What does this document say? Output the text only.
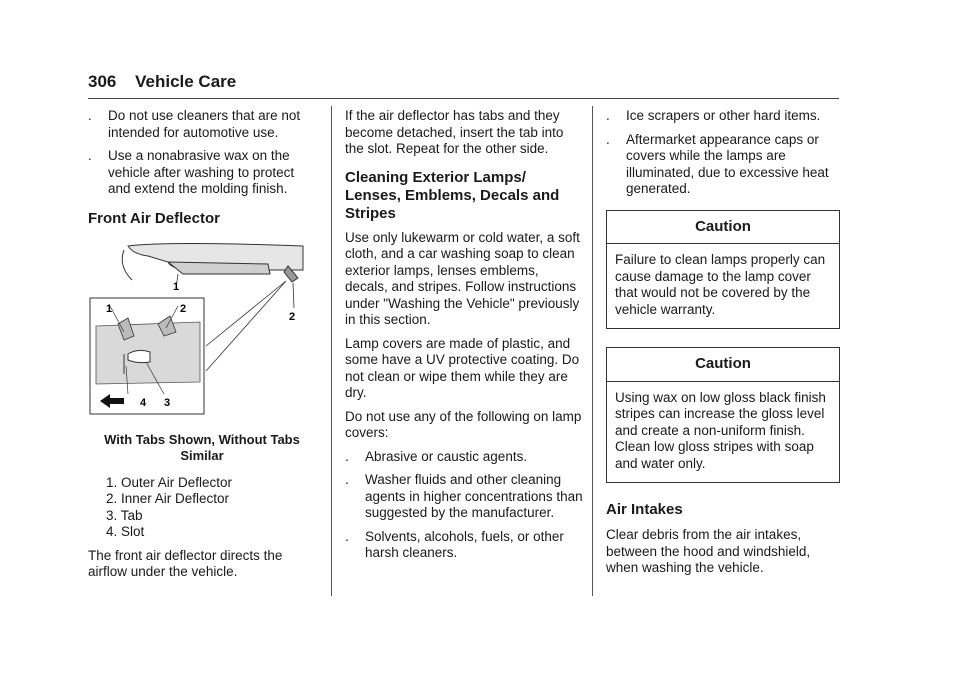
306 Vehicle Care
. Do not use cleaners that are not intended for automotive use.
. Use a nonabrasive wax on the vehicle after washing to protect and extend the molding finish.
Front Air Deflector
1
2
1	2
4 3
With Tabs Shown, Without Tabs Similar
1. Outer Air Deflector
2. Inner Air Deflector
3. Tab
4. Slot

The front air deflector directs the airflow under the vehicle.

If the air deflector has tabs and they become detached, insert the tab into the slot. Repeat for the other side.

Cleaning Exterior Lamps/ Lenses, Emblems, Decals and Stripes

Use only lukewarm or cold water, a soft cloth, and a car washing soap to clean exterior lamps, lenses emblems, decals, and stripes. Follow instructions under "Washing the Vehicle" previously in this section.

Lamp covers are made of plastic, and some have a UV protective coating. Do not clean or wipe them while they are dry.

Do not use any of the following on lamp covers:

. Abrasive or caustic agents.
. Washer fluids and other cleaning agents in higher concentrations than suggested by the manufacturer.
. Solvents, alcohols, fuels, or other harsh cleaners.
. Ice scrapers or other hard items.
. Aftermarket appearance caps or covers while the lamps are illuminated, due to excessive heat generated.
Caution
Failure to clean lamps properly can cause damage to the lamp cover that would not be covered by the vehicle warranty.
Caution
Using wax on low gloss black finish stripes can increase the gloss level and create a non-uniform finish. Clean low gloss stripes with soap and water only.
Air Intakes

Clear debris from the air intakes, between the hood and windshield, when washing the vehicle.
